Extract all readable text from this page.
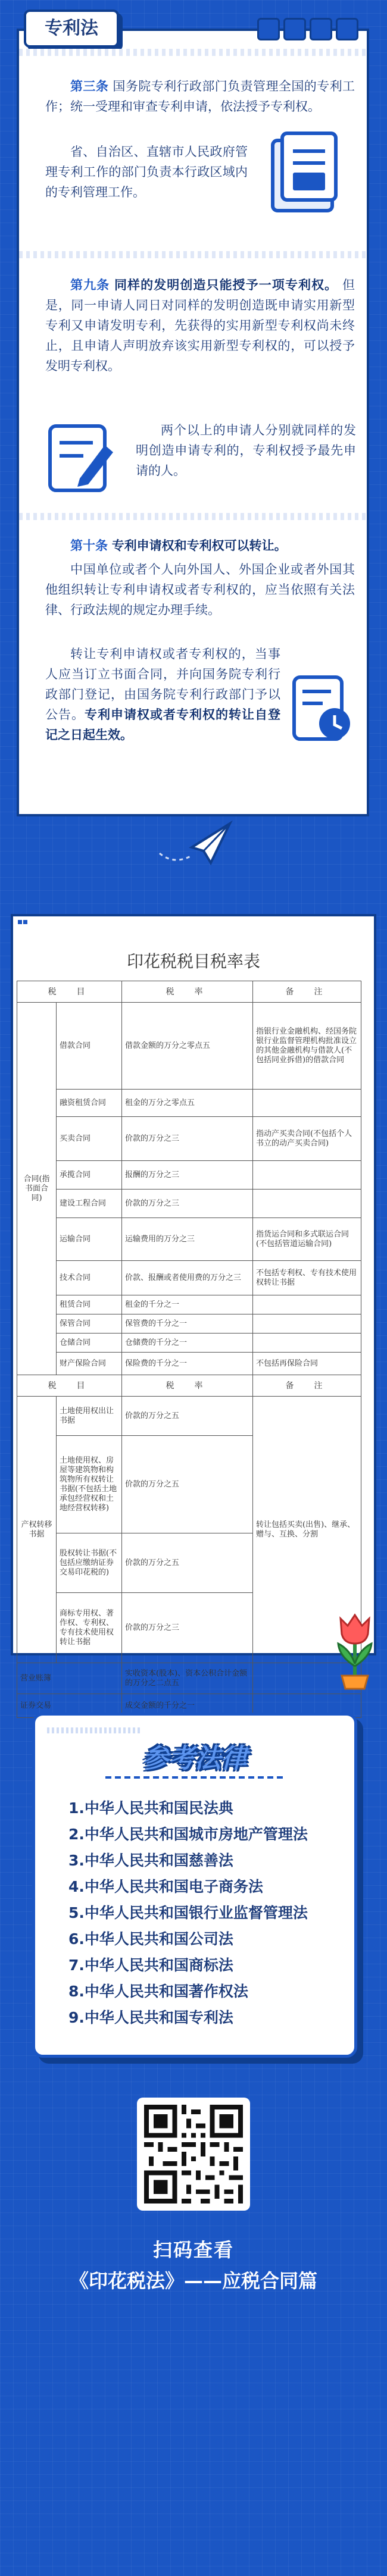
专利法

第三条 国务院专利行政部门负责管理全国的专利工作；统一受理和审查专利申请，依法授予专利权。

省、自治区、直辖市人民政府管理专利工作的部门负责本行政区域内的专利管理工作。

第九条 同样的发明创造只能授予一项专利权。 但是，同一申请人同日对同样的发明创造既申请实用新型专利又申请发明专利，先获得的实用新型专利权尚未终止，且申请人声明放弃该实用新型专利权的，可以授予发明专利权。

两个以上的申请人分别就同样的发明创造申请专利的，专利权授予最先申请的人。

第十条 专利申请权和专利权可以转让。

中国单位或者个人向外国人、外国企业或者外国其他组织转让专利申请权或者专利权的，应当依照有关法律、行政法规的规定办理手续。

转让专利申请权或者专利权的，当事人应当订立书面合同，并向国务院专利行政部门登记，由国务院专利行政部门予以公告。专利申请权或者专利权的转让自登记之日起生效。

印花税税目税率表
税　目		税　率	备　注
合同(指书面合同)	借款合同	借款金额的万分之零点五	指银行业金融机构、经国务院银行业监督管理机构批准设立的其他金融机构与借款人(不包括同业拆借)的借款合同
	融资租赁合同	租金的万分之零点五	
	买卖合同	价款的万分之三	指动产买卖合同(不包括个人书立的动产买卖合同)
	承揽合同	报酬的万分之三	
	建设工程合同	价款的万分之三	
	运输合同	运输费用的万分之三	指货运合同和多式联运合同(不包括管道运输合同)
	技术合同	价款、报酬或者使用费的万分之三	不包括专利权、专有技术使用权转让书据
	租赁合同	租金的千分之一	
	保管合同	保管费的千分之一	
	仓储合同	仓储费的千分之一	
	财产保险合同	保险费的千分之一	不包括再保险合同
税　目		税　率	备　注
产权转移书据	土地使用权出让书据	价款的万分之五	转让包括买卖(出售)、继承、赠与、互换、分割
	土地使用权、房屋等建筑物和构筑物所有权转让书据(不包括土地承包经营权和土地经营权转移)	价款的万分之五	
	股权转让书据(不包括应缴纳证券交易印花税的)	价款的万分之五	
	商标专用权、著作权、专利权、专有技术使用权转让书据	价款的万分之三	
营业账簿		实收资本(股本)、资本公积合计金额的万分之二点五	
证券交易		成交金额的千分之一	
参考法律
1.中华人民共和国民法典
2.中华人民共和国城市房地产管理法
3.中华人民共和国慈善法
4.中华人民共和国电子商务法
5.中华人民共和国银行业监督管理法
6.中华人民共和国公司法
7.中华人民共和国商标法
8.中华人民共和国著作权法
9.中华人民共和国专利法
扫码查看
《印花税法》——应税合同篇
